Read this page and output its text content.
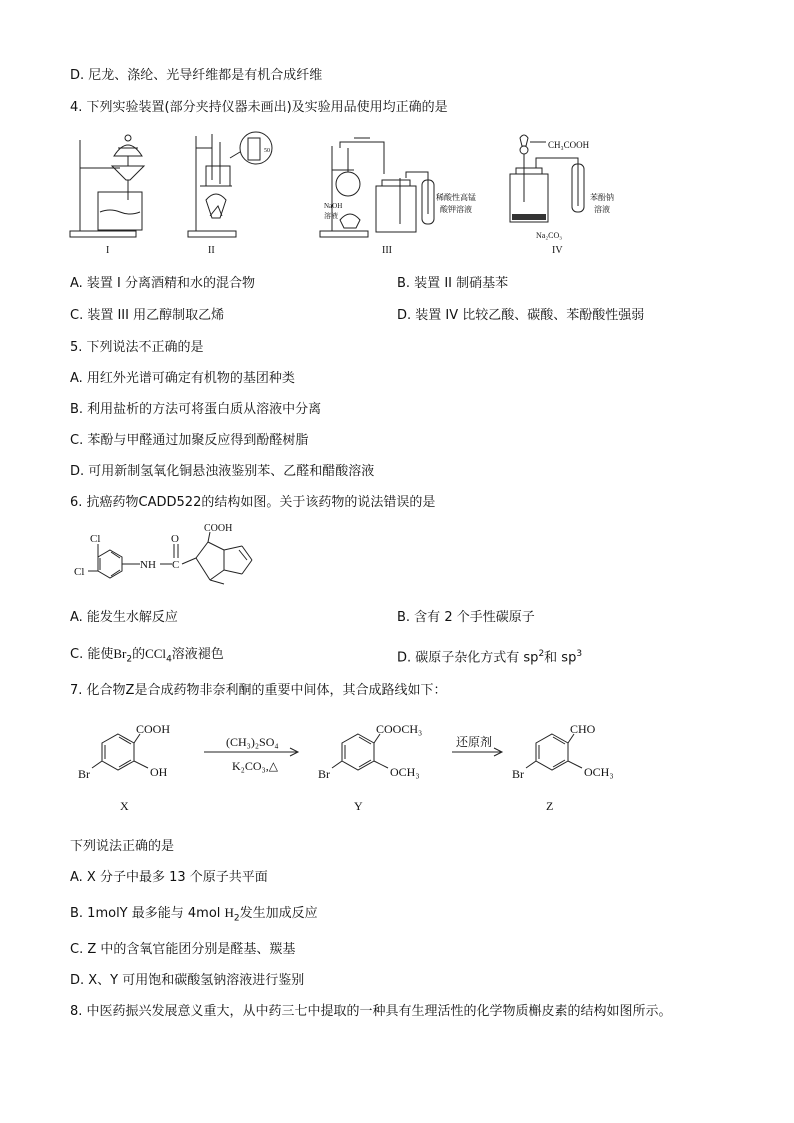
D. 尼龙、涤纶、光导纤维都是有机合成纤维
4. 下列实验装置(部分夹持仪器未画出)及实验用品使用均正确的是
I
50
II
NaOH
溶液
稀酸性高锰
酸钾溶液
III
CH₃COOH
苯酚钠
溶液
Na₂CO₃
IV
A. 装置 I 分离酒精和水的混合物	B. 装置 II 制硝基苯
C. 装置 III 用乙醇制取乙烯	D. 装置 IV 比较乙酸、碳酸、苯酚酸性强弱
5. 下列说法不正确的是
A. 用红外光谱可确定有机物的基团种类
B. 利用盐析的方法可将蛋白质从溶液中分离
C. 苯酚与甲醛通过加聚反应得到酚醛树脂
D. 可用新制氢氧化铜悬浊液鉴别苯、乙醛和醋酸溶液
6. 抗癌药物CADD522的结构如图。关于该药物的说法错误的是
COOH
Cl
Cl
NH C
O
A. 能发生水解反应	B. 含有 2 个手性碳原子
C. 能使$Br_2$的CCl$_4$溶液褪色	D. 碳原子杂化方式有 $sp^2$和 $sp^3$
7. 化合物Z是合成药物非奈利酮的重要中间体，其合成路线如下：
COOH
OH
Br
X
(CH₃)₂SO₄
K₂CO₃,△
COOCH₃
OCH₃
Br
Y
还原剂
CHO
OCH₃
Br
Z
下列说法正确的是
A. X 分子中最多 13 个原子共平面
B. 1molY 最多能与 4mol $H_2$发生加成反应
C. Z 中的含氧官能团分别是醛基、羰基
D. X、Y 可用饱和碳酸氢钠溶液进行鉴别
8. 中医药振兴发展意义重大，从中药三七中提取的一种具有生理活性的化学物质槲皮素的结构如图所示。
